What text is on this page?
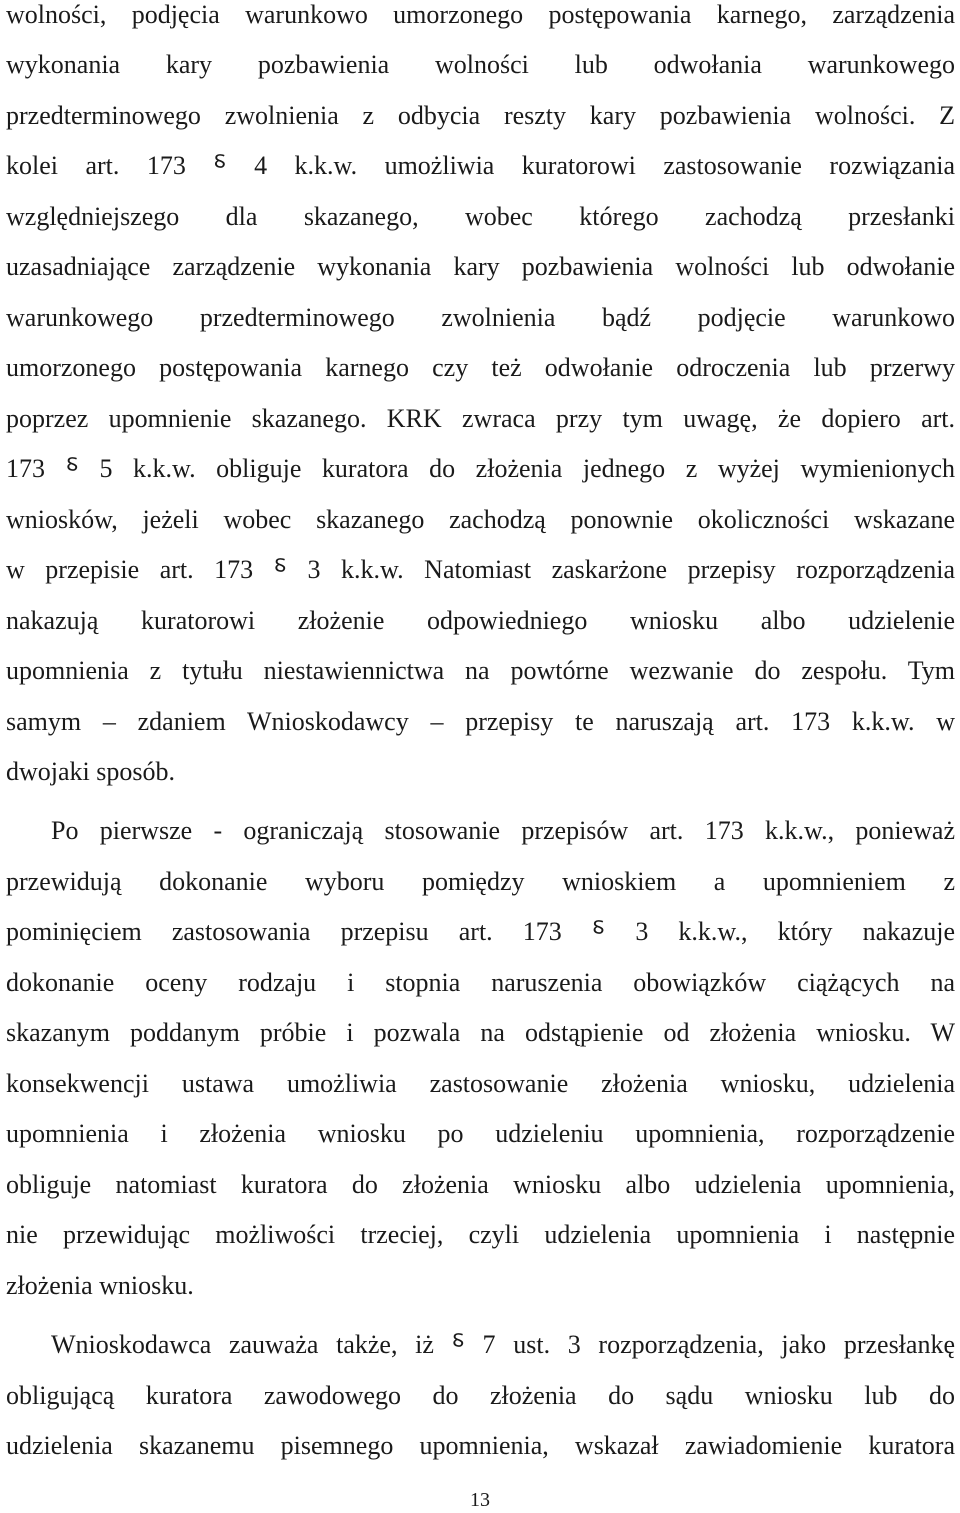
wolności, podjęcia warunkowo umorzonego postępowania karnego, zarządzenia
wykonania kary pozbawienia wolności lub odwołania warunkowego
przedterminowego zwolnienia z odbycia reszty kary pozbawienia wolności. Z
kolei art. 173 ⸹ 4 k.k.w. umożliwia kuratorowi zastosowanie rozwiązania
względniejszego dla skazanego, wobec którego zachodzą przesłanki
uzasadniające zarządzenie wykonania kary pozbawienia wolności lub odwołanie
warunkowego przedterminowego zwolnienia bądź podjęcie warunkowo
umorzonego postępowania karnego czy też odwołanie odroczenia lub przerwy
poprzez upomnienie skazanego. KRK zwraca przy tym uwagę, że dopiero art.
173 ⸹ 5 k.k.w. obliguje kuratora do złożenia jednego z wyżej wymienionych
wniosków, jeżeli wobec skazanego zachodzą ponownie okoliczności wskazane
w przepisie art. 173 ⸹ 3 k.k.w. Natomiast zaskarżone przepisy rozporządzenia
nakazują kuratorowi złożenie odpowiedniego wniosku albo udzielenie
upomnienia z tytułu niestawiennictwa na powtórne wezwanie do zespołu. Tym
samym – zdaniem Wnioskodawcy – przepisy te naruszają art. 173 k.k.w. w
dwojaki sposób.
Po pierwsze - ograniczają stosowanie przepisów art. 173 k.k.w., ponieważ
przewidują dokonanie wyboru pomiędzy wnioskiem a upomnieniem z
pominięciem zastosowania przepisu art. 173 ⸹ 3 k.k.w., który nakazuje
dokonanie oceny rodzaju i stopnia naruszenia obowiązków ciążących na
skazanym poddanym próbie i pozwala na odstąpienie od złożenia wniosku. W
konsekwencji ustawa umożliwia zastosowanie złożenia wniosku, udzielenia
upomnienia i złożenia wniosku po udzieleniu upomnienia, rozporządzenie
obliguje natomiast kuratora do złożenia wniosku albo udzielenia upomnienia,
nie przewidując możliwości trzeciej, czyli udzielenia upomnienia i następnie
złożenia wniosku.
Wnioskodawca zauważa także, iż ⸹ 7 ust. 3 rozporządzenia, jako przesłankę
obligującą kuratora zawodowego do złożenia do sądu wniosku lub do
udzielenia skazanemu pisemnego upomnienia, wskazał zawiadomienie kuratora
13
